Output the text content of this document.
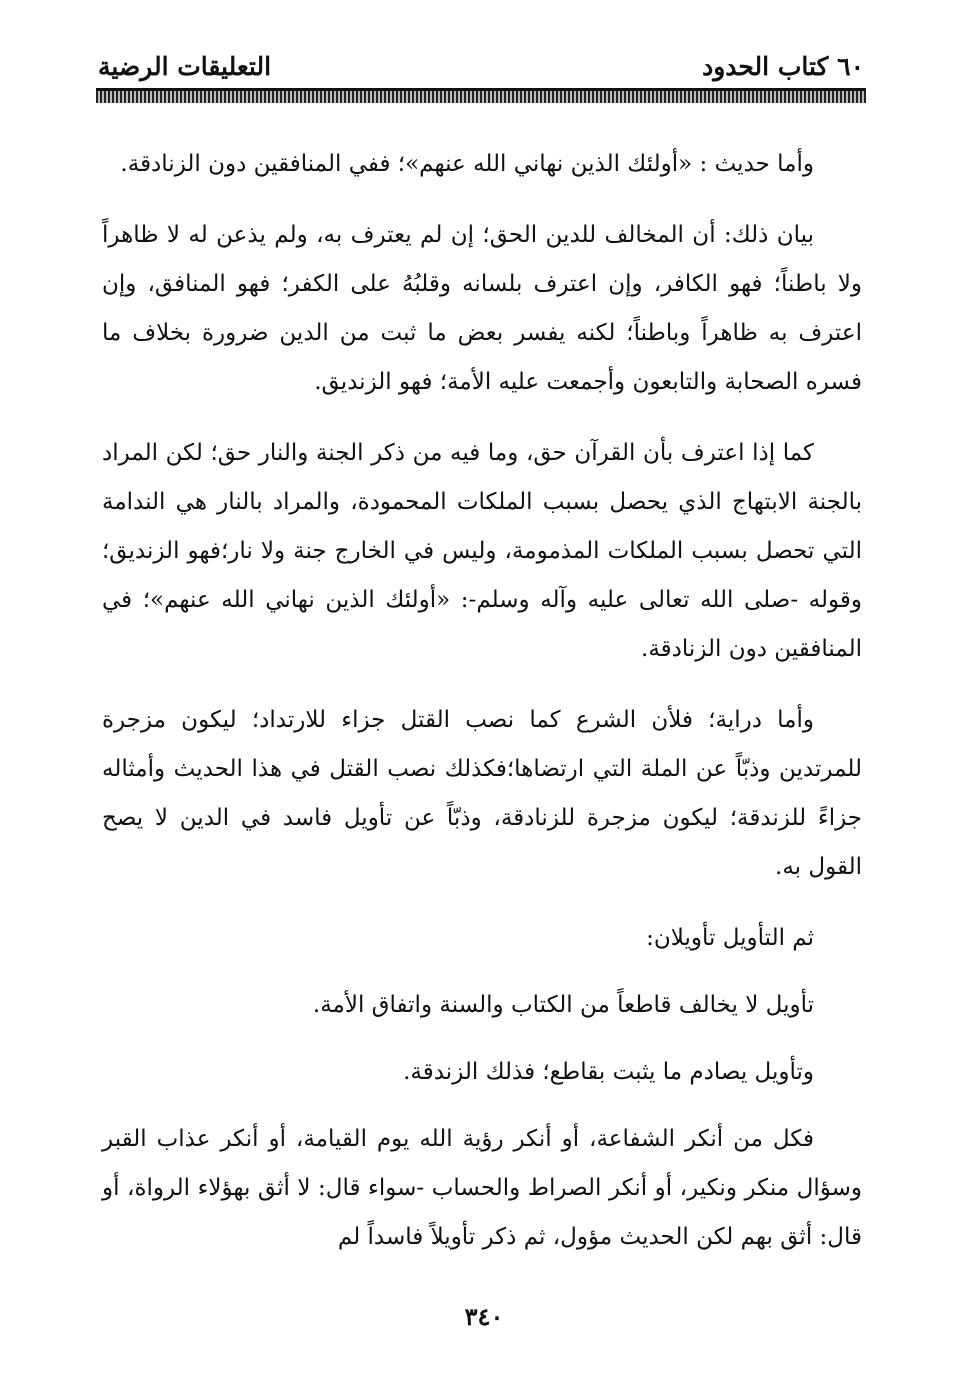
التعليقات الرضية	٦٠ كتاب الحدود

وأما حديث : «أولئك الذين نهاني الله عنهم»؛ ففي المنافقين دون الزنادقة.

بيان ذلك: أن المخالف للدين الحق؛ إن لم يعترف به، ولم يذعن له لا ظاهراً ولا باطناً؛ فهو الكافر، وإن اعترف بلسانه وقلبُهُ على الكفر؛ فهو المنافق، وإن اعترف به ظاهراً وباطناً؛ لكنه يفسر بعض ما ثبت من الدين ضرورة بخلاف ما فسره الصحابة والتابعون وأجمعت عليه الأمة؛ فهو الزنديق.

كما إذا اعترف بأن القرآن حق، وما فيه من ذكر الجنة والنار حق؛ لكن المراد بالجنة الابتهاج الذي يحصل بسبب الملكات المحمودة، والمراد بالنار هي الندامة التي تحصل بسبب الملكات المذمومة، وليس في الخارج جنة ولا نار؛فهو الزنديق؛ وقوله -صلى الله تعالى عليه وآله وسلم-: «أولئك الذين نهاني الله عنهم»؛ في المنافقين دون الزنادقة.

وأما دراية؛ فلأن الشرع كما نصب القتل جزاء للارتداد؛ ليكون مزجرة للمرتدين وذبّاً عن الملة التي ارتضاها؛فكذلك نصب القتل في هذا الحديث وأمثاله جزاءً للزندقة؛ ليكون مزجرة للزنادقة، وذبّاً عن تأويل فاسد في الدين لا يصح القول به.

ثم التأويل تأويلان:

تأويل لا يخالف قاطعاً من الكتاب والسنة واتفاق الأمة.

وتأويل يصادم ما يثبت بقاطع؛ فذلك الزندقة.

فكل من أنكر الشفاعة، أو أنكر رؤية الله يوم القيامة، أو أنكر عذاب القبر وسؤال منكر ونكير، أو أنكر الصراط والحساب -سواء قال: لا أثق بهؤلاء الرواة، أو قال: أثق بهم لكن الحديث مؤول، ثم ذكر تأويلاً فاسداً لم

٣٤٠
